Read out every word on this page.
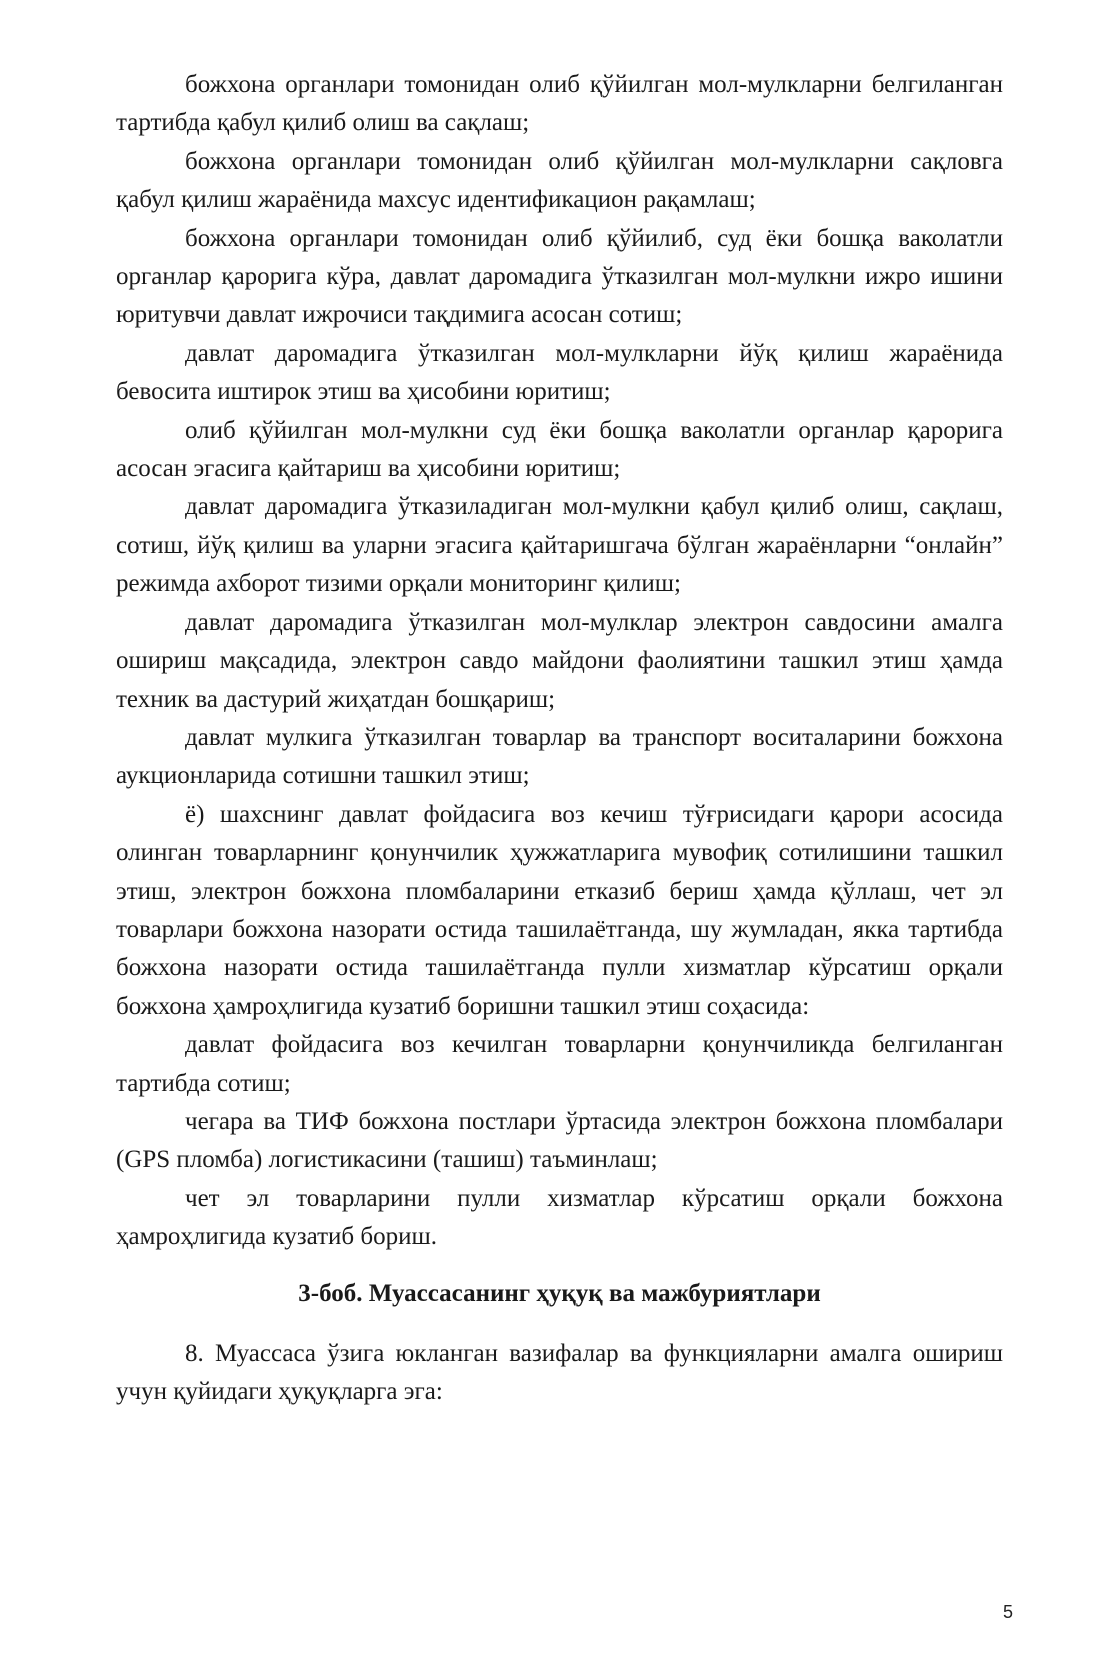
божхона органлари томонидан олиб қўйилган мол-мулкларни белгиланган тартибда қабул қилиб олиш ва сақлаш;

божхона органлари томонидан олиб қўйилган мол-мулкларни сақловга қабул қилиш жараёнида махсус идентификацион рақамлаш;

божхона органлари томонидан олиб қўйилиб, суд ёки бошқа ваколатли органлар қарорига кўра, давлат даромадига ўтказилган мол-мулкни ижро ишини юритувчи давлат ижрочиси тақдимига асосан сотиш;

давлат даромадига ўтказилган мол-мулкларни йўқ қилиш жараёнида бевосита иштирок этиш ва ҳисобини юритиш;

олиб қўйилган мол-мулкни суд ёки бошқа ваколатли органлар қарорига асосан эгасига қайтариш ва ҳисобини юритиш;

давлат даромадига ўтказиладиган мол-мулкни қабул қилиб олиш, сақлаш, сотиш, йўқ қилиш ва уларни эгасига қайтаришгача бўлган жараёнларни “онлайн” режимда ахборот тизими орқали мониторинг қилиш;

давлат даромадига ўтказилган мол-мулклар электрон савдосини амалга ошириш мақсадида, электрон савдо майдони фаолиятини ташкил этиш ҳамда техник ва дастурий жиҳатдан бошқариш;

давлат мулкига ўтказилган товарлар ва транспорт воситаларини божхона аукционларида сотишни ташкил этиш;

ё) шахснинг давлат фойдасига воз кечиш тўғрисидаги қарори асосида олинган товарларнинг қонунчилик ҳужжатларига мувофиқ сотилишини ташкил этиш, электрон божхона пломбаларини етказиб бериш ҳамда қўллаш, чет эл товарлари божхона назорати остида ташилаётганда, шу жумладан, якка тартибда божхона назорати остида ташилаётганда пулли хизматлар кўрсатиш орқали божхона ҳамроҳлигида кузатиб боришни ташкил этиш соҳасида:

давлат фойдасига воз кечилган товарларни қонунчиликда белгиланган тартибда сотиш;

чегара ва ТИФ божхона постлари ўртасида электрон божхона пломбалари (GPS пломба) логистикасини (ташиш) таъминлаш;

чет эл товарларини пулли хизматлар кўрсатиш орқали божхона ҳамроҳлигида кузатиб бориш.

3-боб. Муассасанинг ҳуқуқ ва мажбуриятлари

8. Муассаса ўзига юкланган вазифалар ва функцияларни амалга ошириш учун қуйидаги ҳуқуқларга эга:

5
